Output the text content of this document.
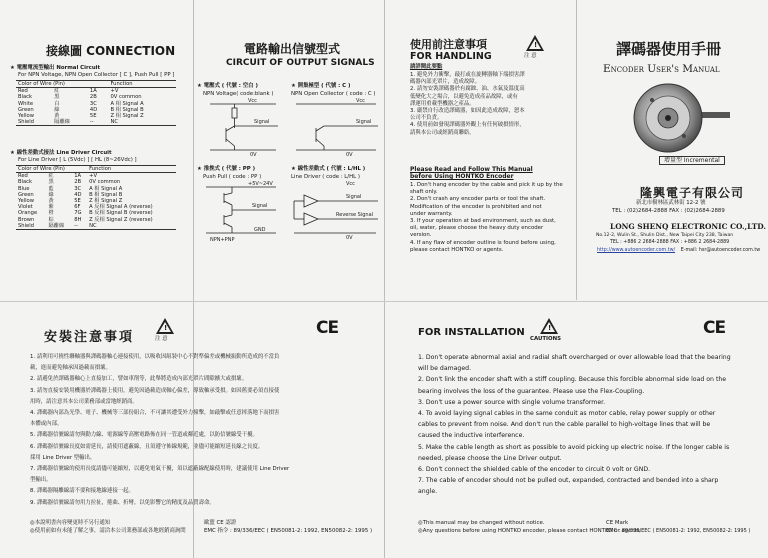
接線圖 CONNECTION
★ 電壓電流型輸出 Normal Circuit
For NPN Voltage, NPN Open Collector [ C ], Push Pull [ PP ]
Color of Wire (Pin)			Function
Red	紅	1A	+V
Black	黑	2B	0V common
White	白	3C	A 相 Signal A
Green	綠	4D	B 相 Signal B
Yellow	黃	5E	Z 相 Signal Z
Shield	隔離線	--	NC
★ 線性差動式接法 Line Driver Circuit
For Line Driver [ L (5Vdc) ] [ HL (8~26Vdc) ]
Color of Wire (Pin)			Function
Red	紅	1A	+V
Black	黑	2B	0V common
Blue	藍	3C	A 相 Signal A
Green	綠	4D	B 相 Signal B
Yellow	黃	5E	Z 相 Signal Z
Violet	紫	6F	A 反相 Signal A (reverse)
Orange	橙	7G	B 反相 Signal B (reverse)
Brown	棕	8H	Z 反相 Signal Z (reverse)
Shield	隔離線	--	NC
電路輸出信號型式
CIRCUIT OF OUTPUT SIGNALS
★ 電壓式 ( 代號 : 空白 )
NPN Voltage( code:blank )
★ 開集極型 ( 代號 : C )
NPN Open Collector ( code : C )
Vcc
Signal
0V
Vcc
Signal
0V
★ 推挽式 ( 代號 : PP )
Push Pull ( code : PP )
★ 線性差動式 ( 代號 : L/HL )
Line Driver ( code : L/HL )
+5V~24V
Signal
GND
NPN+PNP
Vcc
Signal
Reverse Signal
0V
使用前注意事項
FOR HANDLING
!
注 意
請詳閱此要點
1. 避免外力衝擊，敲打或在旋轉器軸下端損害譯
碼器內部光罩片，造成故障。
2. 請勿安裝譯碼器於有腐蝕、油、水氣及溫度高
低變化大之場合，以避免造成產品故障，或有
譯運用重載型機器之產品。
3. 嚴禁自行改造譯碼器，如因此造成故障，恕本
公司不負責。
4. 使用前如發現譯碼器外觀上有任何破損情形，
請與本公司或經銷商聯絡。
Please Read and Follow This Manual
before Using HONTKO Encoder
1. Don't hang encoder by the cable and pick it up by the
shaft only.
2. Don't crash any encoder parts or tool the shaft.
Modification of the encoder is prohibited and not
under warranty.
3. If your operation at bad environment, such as dust,
oil, water, please choose the heavy duty encoder
version.
4. If any flaw of encoder outline is found before using,
please contact HONTKO or agents.
譯碼器使用手冊
Encoder User's Manual
增量型 Incremental
隆興電子有限公司
新北市樹林區武林街 12-2 號
TEL : (02)2684-2888 FAX : (02)2684-2889
LONG SHENQ ELECTRONIC CO.,LTD.
No.12-2, Wulin St., Shulin Dist., New Taipei City 238, Taiwan
TEL : +886 2 2684-2888 FAX : +886 2 2684-2889
http://www.autoencoder.com.tw/ E-mail: hsr@autoencoder.com.tw
安裝注意事項
!
注 意
CE
1. 請利用可撓性聯軸器與譯碼器軸心連接使用，以吸收因組裝中心不對準偏差或機械振動所造成的不當負
載，進而避免軸承因過載而損壞。
2. 請避免於譯碼器軸心上直接加工，譬如車削等，此舉將造成內部光罩片間隙擴大或損壞。
3. 請勿直接安裝用機器於譯碼器上使用，避免因過載造成軸心偏差，導致軸承受損。如因舊要必須直接使
用時，請注意其本公司業務部或當地經銷商。
4. 譯碼器內部為光學、電子、機械等三部份組合，不可讓其遭受外力撞擊，如敲擊或任意摔落地下而損害
本體或內部。
5. 譯碼器信號線請勿與動力線、電源線等高壓電路佈在同一管道或鄰近處，以防信號線受干擾。
6. 譯碼器信號線長度如需延長，請使用遮蔽線，且須遵守佈線規範，並儘可能縮短延長線之長度。
採用 Line Driver 型輸出。
7. 譯碼器信號線的使用長度請儘可能縮短，以避免電氣干擾，須以遮蔽線配線使用時，建議使用 Line Driver
型輸出。
8. 譯碼器隔離線請不要和接地線連接一起。
9. 譯碼器信號線請勿用力拉扯，捲曲、折彎。以免影響它的精度及品質壽命。
◎本說明書內容變更時不另行通知
◎使用前如有未能了解之事，請洽本公司業務部或各地經銷商詢問
歐盟 CE 認證
EMC 指令 : 89/336/EEC ( EN50081-2: 1992, EN50082-2: 1995 )
FOR INSTALLATION	!
CAUTIONS
CE
1. Don't operate abnormal axial and radial shaft overcharged or over allowable load that the bearing
will be damaged.
2. Don't link the encoder shaft with a stiff coupling. Because this forcible abnormal side load on the
bearing involves the loss of the guarantee. Please use the Flex-Coupling.
3. Don't use a power source with single volume transformer.
4. To avoid laying signal cables in the same conduit as motor cable, relay power supply or other
cables to prevent from noise. And don't run the cable parallel to high-voltage lines that will be
caused the inductive interference.
5. Make the cable length as short as possible to avoid picking up electric noise. If the longer cable is
needed, please choose the Line Driver output.
6. Don't connect the shielded cable of the encoder to circuit 0 volt or GND.
7. The cable of encoder should not be pulled out, expanded, contracted and bended into a sharp
angle.
◎This manual may be changed without notice.
◎Any questions before using HONTKO encoder, please contact HONTKO or agents.
CE Mark
EMC : 89/336/EEC ( EN50081-2: 1992, EN50082-2: 1995 )
